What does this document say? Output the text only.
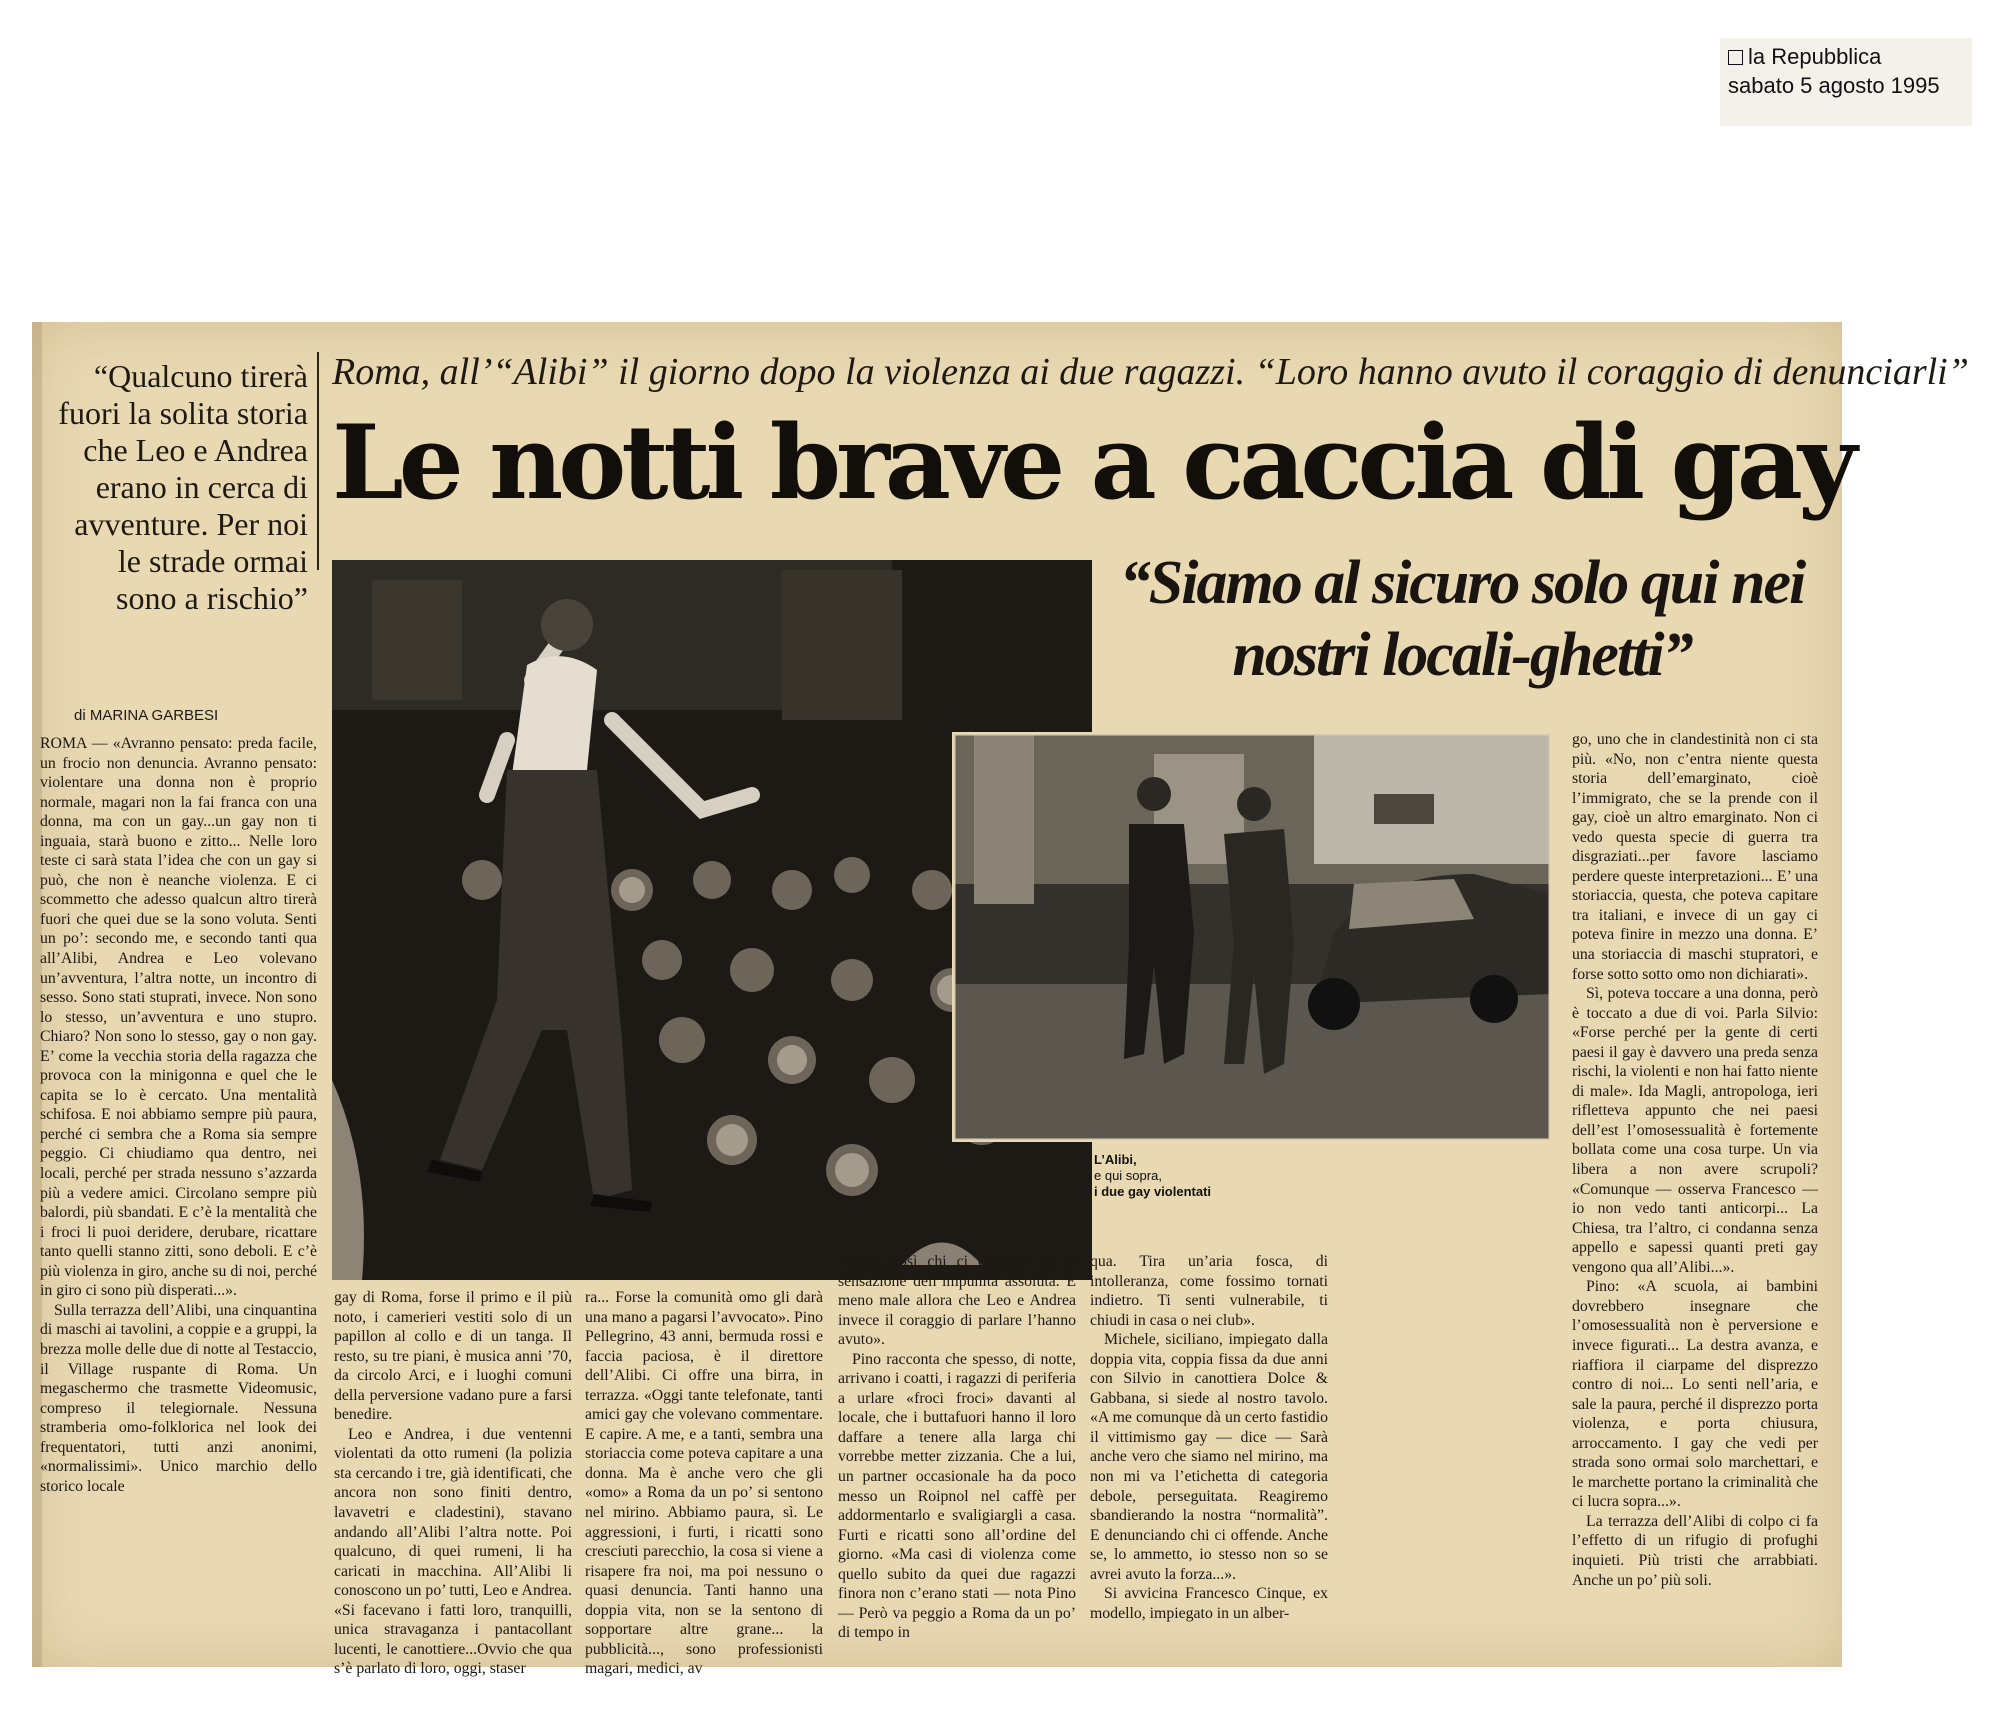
la Repubblica
sabato 5 agosto 1995
“Qualcuno tirerà fuori la solita storia che Leo e Andrea erano in cerca di avventure. Per noi le strade ormai sono a rischio”
Roma, all’“Alibi” il giorno dopo la violenza ai due ragazzi. “Loro hanno avuto il coraggio di denunciarli”
Le notti brave a caccia di gay
“Siamo al sicuro solo qui nei nostri locali-ghetti”
di MARINA GARBESI
L’Alibi,
e qui sopra,
i due gay violentati

ROMA — «Avranno pensato: preda facile, un frocio non denuncia. Avranno pensato: violentare una donna non è proprio normale, magari non la fai franca con una donna, ma con un gay...un gay non ti inguaia, starà buono e zitto... Nelle loro teste ci sarà stata l’idea che con un gay si può, che non è neanche violenza. E ci scommetto che adesso qualcun altro tirerà fuori che quei due se la sono voluta. Senti un po’: secondo me, e secondo tanti qua all’Alibi, Andrea e Leo volevano un’avventura, l’altra notte, un incontro di sesso. Sono stati stuprati, invece. Non sono lo stesso, un’avventura e uno stupro. Chiaro? Non sono lo stesso, gay o non gay. E’ come la vecchia storia della ragazza che provoca con la minigonna e quel che le capita se lo è cercato. Una mentalità schifosa. E noi abbiamo sempre più paura, perché ci sembra che a Roma sia sempre peggio. Ci chiudiamo qua dentro, nei locali, perché per strada nessuno s’azzarda più a vedere amici. Circolano sempre più balordi, più sbandati. E c’è la mentalità che i froci li puoi deridere, derubare, ricattare tanto quelli stanno zitti, sono deboli. E c’è più violenza in giro, anche su di noi, perché in giro ci sono più disperati...».

Sulla terrazza dell’Alibi, una cinquantina di maschi ai tavolini, a coppie e a gruppi, la brezza molle delle due di notte al Testaccio, il Village ruspante di Roma. Un megaschermo che trasmette Videomusic, compreso il telegiornale. Nessuna stramberia omo-folklorica nel look dei frequentatori, tutti anzi anonimi, «normalissimi». Unico marchio dello storico locale

gay di Roma, forse il primo e il più noto, i camerieri vestiti solo di un papillon al collo e di un tanga. Il resto, su tre piani, è musica anni ’70, da circolo Arci, e i luoghi comuni della perversione vadano pure a farsi benedire.

Leo e Andrea, i due ventenni violentati da otto rumeni (la polizia sta cercando i tre, già identificati, che ancora non sono finiti dentro, lavavetri e cladestini), stavano andando all’Alibi l’altra notte. Poi qualcuno, di quei rumeni, li ha caricati in macchina. All’Alibi li conoscono un po’ tutti, Leo e Andrea. «Si facevano i fatti loro, tranquilli, unica stravaganza i pantacollant lucenti, le canottiere...Ovvio che qua s’è parlato di loro, oggi, staser

ra... Forse la comunità omo gli darà una mano a pagarsi l’avvocato». Pino Pellegrino, 43 anni, bermuda rossi e faccia paciosa, è il direttore dell’Alibi. Ci offre una birra, in terrazza. «Oggi tante telefonate, tanti amici gay che volevano commentare. E capire. A me, e a tanti, sembra una storiaccia come poteva capitare a una donna. Ma è anche vero che gli «omo» a Roma da un po’ si sentono nel mirino. Abbiamo paura, sì. Le aggressioni, i furti, i ricatti sono cresciuti parecchio, la cosa si viene a risapere fra noi, ma poi nessuno o quasi denuncia. Tanti hanno una doppia vita, non se la sentono di sopportare altre grane... la pubblicità..., sono professionisti magari, medici, av

vocati...Così chi ci colpisce ha la sensazione dell’impunità assoluta. E meno male allora che Leo e Andrea invece il coraggio di parlare l’hanno avuto».

Pino racconta che spesso, di notte, arrivano i coatti, i ragazzi di periferia a urlare «froci froci» davanti al locale, che i buttafuori hanno il loro daffare a tenere alla larga chi vorrebbe metter zizzania. Che a lui, un partner occasionale ha da poco messo un Roipnol nel caffè per addormentarlo e svaligiargli a casa. Furti e ricatti sono all’ordine del giorno. «Ma casi di violenza come quello subito da quei due ragazzi finora non c’erano stati — nota Pino — Però va peggio a Roma da un po’ di tempo in

qua. Tira un’aria fosca, di intolleranza, come fossimo tornati indietro. Ti senti vulnerabile, ti chiudi in casa o nei club».

Michele, siciliano, impiegato dalla doppia vita, coppia fissa da due anni con Silvio in canottiera Dolce & Gabbana, si siede al nostro tavolo. «A me comunque dà un certo fastidio il vittimismo gay — dice — Sarà anche vero che siamo nel mirino, ma non mi va l’etichetta di categoria debole, perseguitata. Reagiremo sbandierando la nostra “normalità”. E denunciando chi ci offende. Anche se, lo ammetto, io stesso non so se avrei avuto la forza...».

Si avvicina Francesco Cinque, ex modello, impiegato in un alber-

go, uno che in clandestinità non ci sta più. «No, non c’entra niente questa storia dell’emarginato, cioè l’immigrato, che se la prende con il gay, cioè un altro emarginato. Non ci vedo questa specie di guerra tra disgraziati...per favore lasciamo perdere queste interpretazioni... E’ una storiaccia, questa, che poteva capitare tra italiani, e invece di un gay ci poteva finire in mezzo una donna. E’ una storiaccia di maschi stupratori, e forse sotto sotto omo non dichiarati».

Sì, poteva toccare a una donna, però è toccato a due di voi. Parla Silvio: «Forse perché per la gente di certi paesi il gay è davvero una preda senza rischi, la violenti e non hai fatto niente di male». Ida Magli, antropologa, ieri rifletteva appunto che nei paesi dell’est l’omosessualità è fortemente bollata come una cosa turpe. Un via libera a non avere scrupoli? «Comunque — osserva Francesco — io non vedo tanti anticorpi... La Chiesa, tra l’altro, ci condanna senza appello e sapessi quanti preti gay vengono qua all’Alibi...».

Pino: «A scuola, ai bambini dovrebbero insegnare che l’omosessualità non è perversione e invece figurati... La destra avanza, e riaffiora il ciarpame del disprezzo contro di noi... Lo senti nell’aria, e sale la paura, perché il disprezzo porta violenza, e porta chiusura, arroccamento. I gay che vedi per strada sono ormai solo marchettari, e le marchette portano la criminalità che ci lucra sopra...».

La terrazza dell’Alibi di colpo ci fa l’effetto di un rifugio di profughi inquieti. Più tristi che arrabbiati. Anche un po’ più soli.
